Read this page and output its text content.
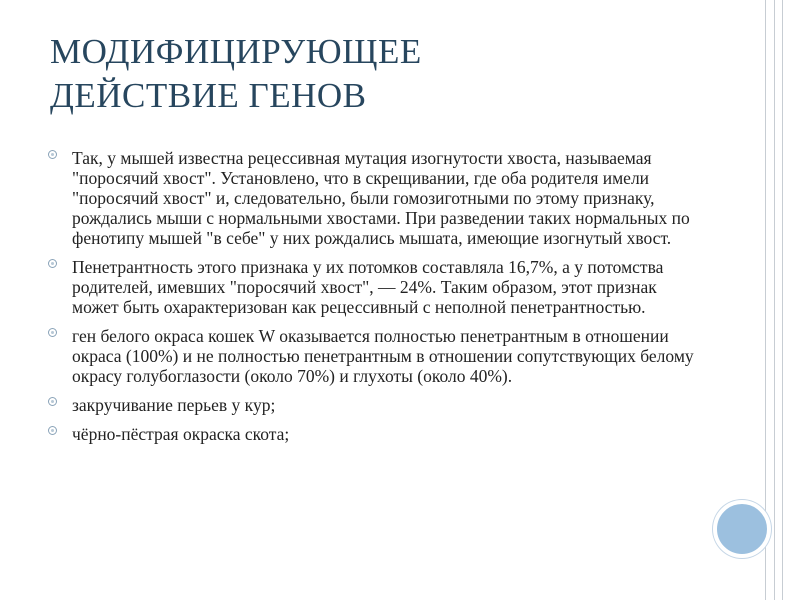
МОДИФИЦИРУЮЩЕЕ
ДЕЙСТВИЕ ГЕНОВ
Так, у мышей известна рецессивная мутация изогнутости хвоста, называемая "поросячий хвост". Установлено, что в скрещивании, где оба родителя имели "поросячий хвост" и, следовательно, были гомозиготными по этому признаку, рождались мыши с нормальными хвостами. При разведении таких нормальных по фенотипу мышей "в себе" у них рождались мышата, имеющие изогнутый хвост.
Пенетрантность этого признака у их потомков составляла 16,7%, а у потомства родителей, имевших "поросячий хвост", — 24%. Таким образом, этот признак может быть охарактеризован как рецессивный с неполной пенетрантностью.
ген белого окраса кошек W оказывается полностью пенетрантным в отношении окраса (100%) и не полностью пенетрантным в отношении сопутствующих белому окрасу голубоглазости (около 70%) и глухоты (около 40%).
закручивание перьев у кур;
чёрно-пёстрая окраска скота;
